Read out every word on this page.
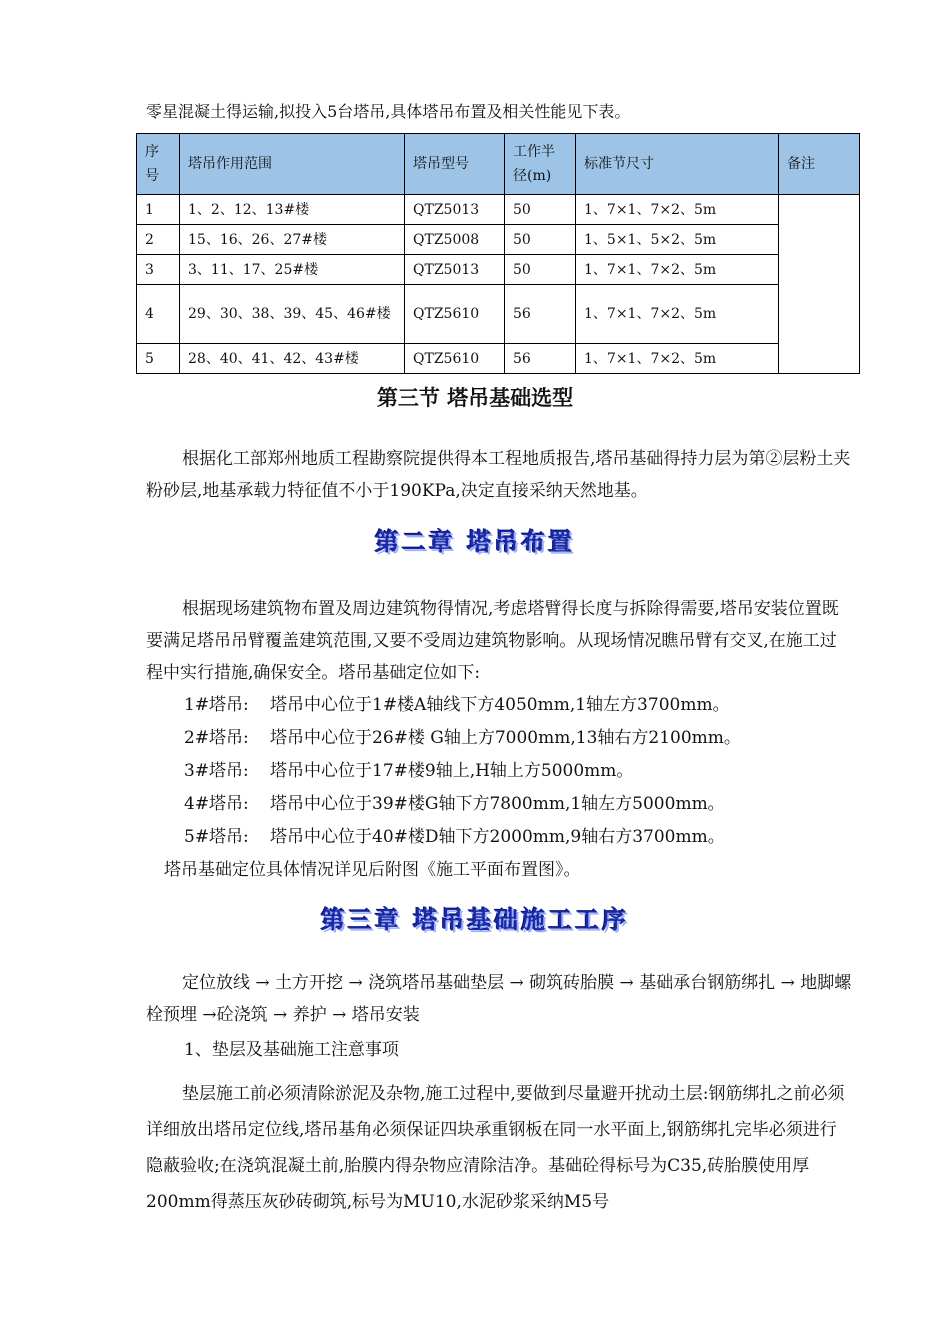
零星混凝土得运输,拟投入5台塔吊,具体塔吊布置及相关性能见下表。

序号	塔吊作用范围	塔吊型号	工作半径(m)	标准节尺寸	备注
1	1、2、12、13#楼	QTZ5013	50	1、7×1、7×2、5m	
2	15、16、26、27#楼	QTZ5008	50	1、5×1、5×2、5m	
3	3、11、17、25#楼	QTZ5013	50	1、7×1、7×2、5m	
4	29、30、38、39、45、46#楼	QTZ5610	56	1、7×1、7×2、5m	
5	28、40、41、42、43#楼	QTZ5610	56	1、7×1、7×2、5m	
第三节 塔吊基础选型

根据化工部郑州地质工程勘察院提供得本工程地质报告,塔吊基础得持力层为第②层粉土夹粉砂层,地基承载力特征值不小于190KPa,决定直接采纳天然地基。

第二章 塔吊布置

根据现场建筑物布置及周边建筑物得情况,考虑塔臂得长度与拆除得需要,塔吊安装位置既要满足塔吊吊臂覆盖建筑范围,又要不受周边建筑物影响。从现场情况瞧吊臂有交叉,在施工过程中实行措施,确保安全。塔吊基础定位如下:

1#塔吊: 塔吊中心位于1#楼A轴线下方4050mm,1轴左方3700mm。
2#塔吊: 塔吊中心位于26#楼 G轴上方7000mm,13轴右方2100mm。
3#塔吊: 塔吊中心位于17#楼9轴上,H轴上方5000mm。
4#塔吊: 塔吊中心位于39#楼G轴下方7800mm,1轴左方5000mm。
5#塔吊: 塔吊中心位于40#楼D轴下方2000mm,9轴右方3700mm。
塔吊基础定位具体情况详见后附图《施工平面布置图》。
第三章 塔吊基础施工工序

定位放线 → 土方开挖 → 浇筑塔吊基础垫层 → 砌筑砖胎膜 → 基础承台钢筋绑扎 → 地脚螺栓预埋 →砼浇筑 → 养护 → 塔吊安装

1、垫层及基础施工注意事项

垫层施工前必须清除淤泥及杂物,施工过程中,要做到尽量避开扰动土层:钢筋绑扎之前必须详细放出塔吊定位线,塔吊基角必须保证四块承重钢板在同一水平面上,钢筋绑扎完毕必须进行隐蔽验收;在浇筑混凝土前,胎膜内得杂物应清除洁净。基础砼得标号为C35,砖胎膜使用厚200mm得蒸压灰砂砖砌筑,标号为MU10,水泥砂浆采纳M5号
